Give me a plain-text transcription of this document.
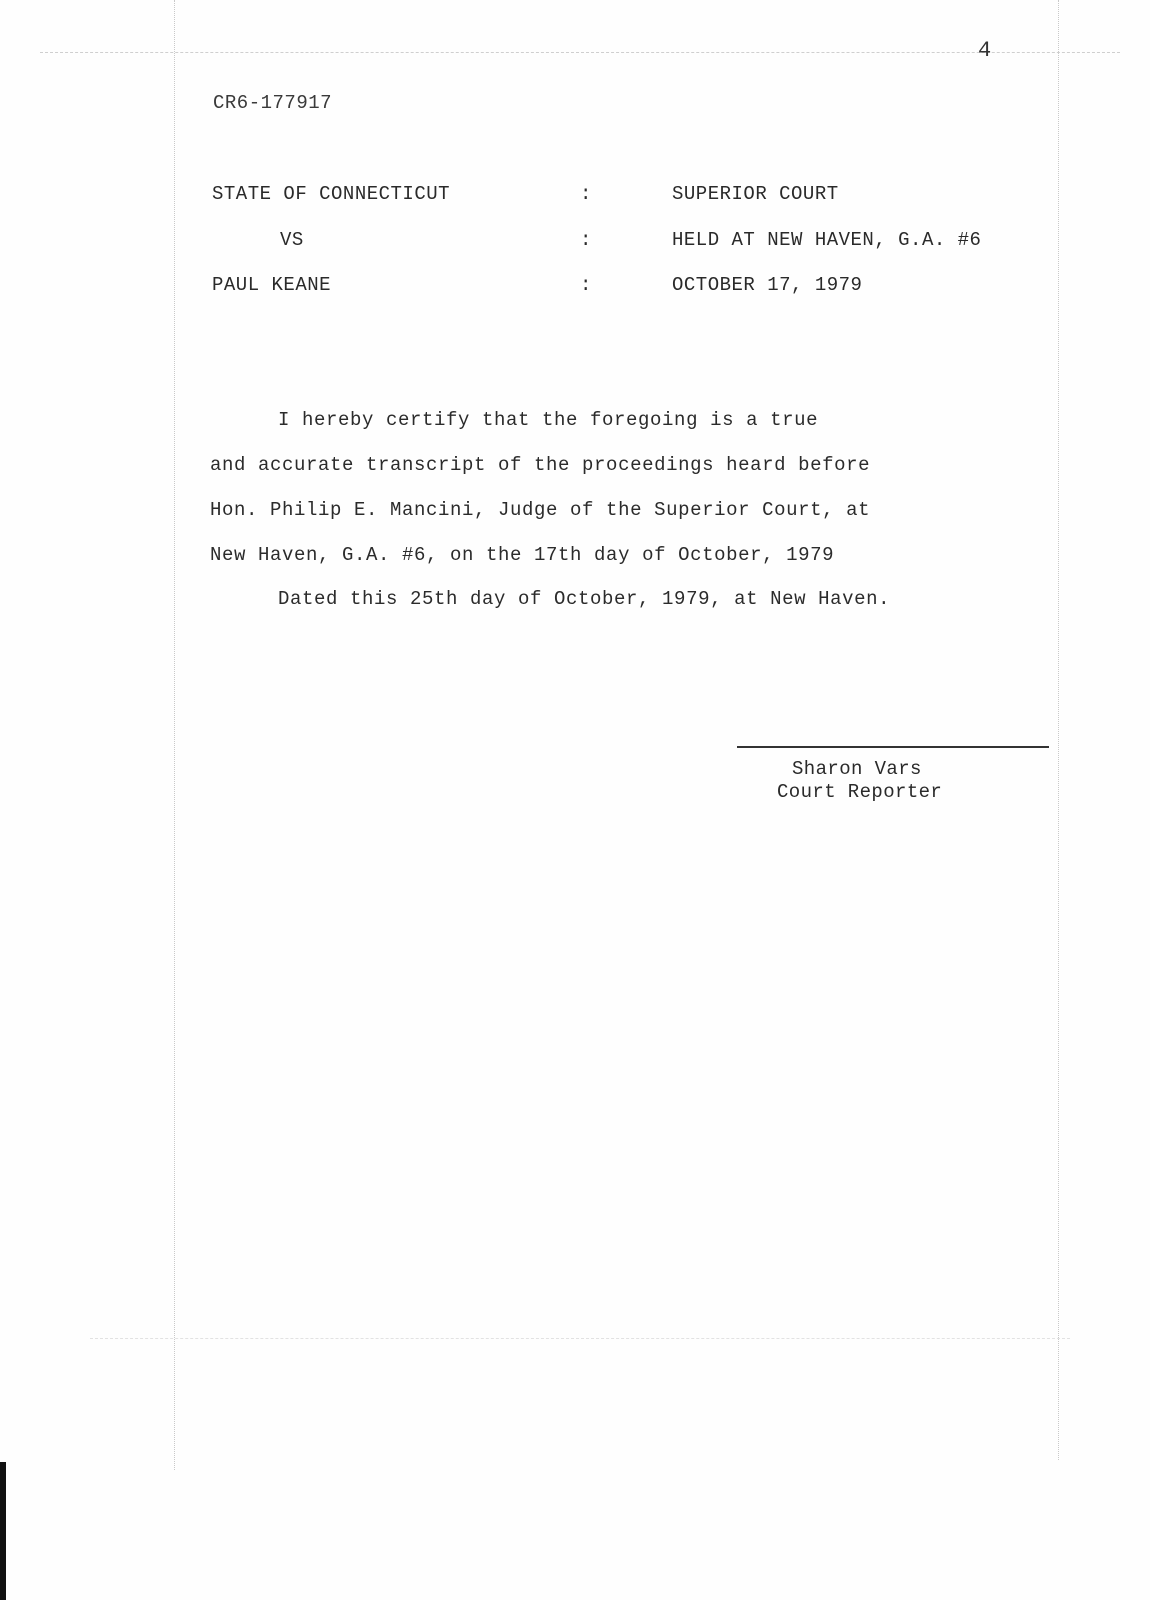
4
CR6-177917
STATE OF CONNECTICUT	:	SUPERIOR COURT
VS	:	HELD AT NEW HAVEN, G.A. #6
PAUL KEANE	:	OCTOBER 17, 1979
I hereby certify that the foregoing is a true
and accurate transcript of the proceedings heard before
Hon. Philip E. Mancini, Judge of the Superior Court, at
New Haven, G.A. #6, on the 17th day of October, 1979
Dated this 25th day of October, 1979, at New Haven.
Sharon Vars
Court Reporter
